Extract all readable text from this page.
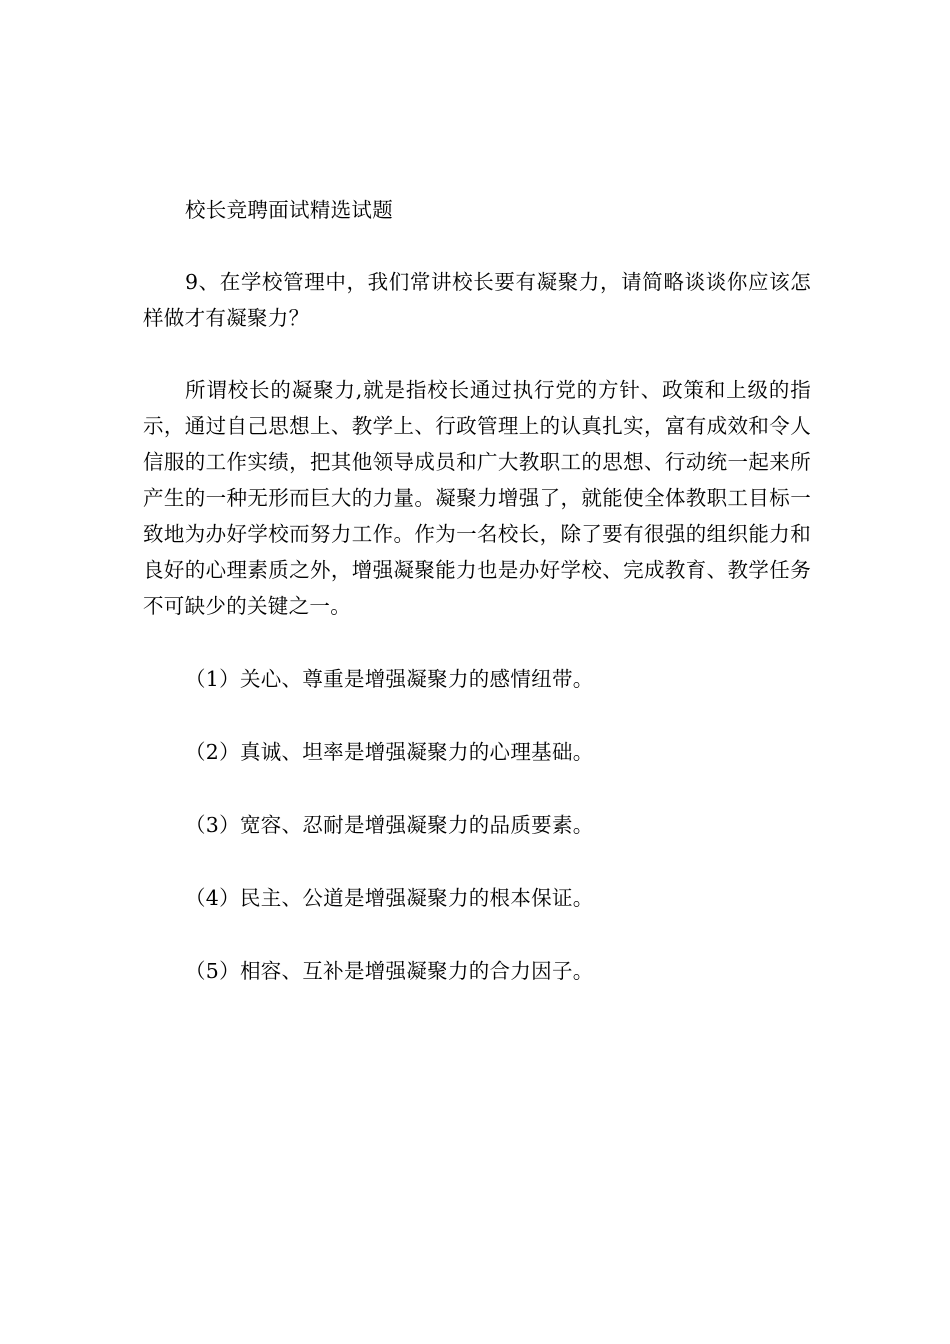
校长竞聘面试精选试题

9、在学校管理中，我们常讲校长要有凝聚力，请简略谈谈你应该怎样做才有凝聚力？

所谓校长的凝聚力,就是指校长通过执行党的方针、政策和上级的指示，通过自己思想上、教学上、行政管理上的认真扎实，富有成效和令人信服的工作实绩，把其他领导成员和广大教职工的思想、行动统一起来所产生的一种无形而巨大的力量。凝聚力增强了，就能使全体教职工目标一致地为办好学校而努力工作。作为一名校长，除了要有很强的组织能力和良好的心理素质之外，增强凝聚能力也是办好学校、完成教育、教学任务不可缺少的关键之一。

（1）关心、尊重是增强凝聚力的感情纽带。

（2）真诚、坦率是增强凝聚力的心理基础。

（3）宽容、忍耐是增强凝聚力的品质要素。

（4）民主、公道是增强凝聚力的根本保证。

（5）相容、互补是增强凝聚力的合力因子。
